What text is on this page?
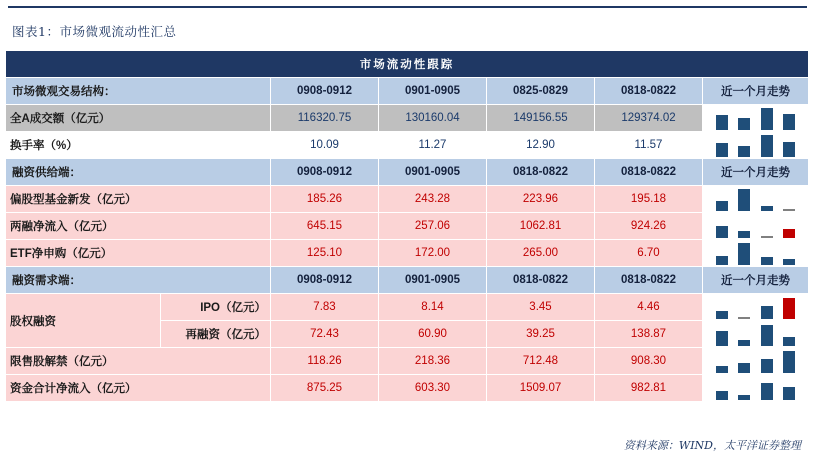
图表1：市场微观流动性汇总
市场流动性跟踪						
市场微观交易结构：		0908-0912	0901-0905	0825-0829	0818-0822	近一个月走势
全A成交额（亿元）		116320.75	130160.04	149156.55	129374.02	

换手率（%）		10.09	11.27	12.90	11.57	

融资供给端：		0908-0912	0901-0905	0818-0822	0818-0822	近一个月走势
偏股型基金新发（亿元）		185.26	243.28	223.96	195.18	

两融净流入（亿元）		645.15	257.06	1062.81	924.26	

ETF净申购（亿元）		125.10	172.00	265.00	6.70	

融资需求端：		0908-0912	0901-0905	0818-0822	0818-0822	近一个月走势
股权融资	IPO（亿元）	7.83	8.14	3.45	4.46	

	再融资（亿元）	72.43	60.90	39.25	138.87	

限售股解禁（亿元）		118.26	218.36	712.48	908.30	

资金合计净流入（亿元）		875.25	603.30	1509.07	982.81	
资料来源：WIND，太平洋证券整理
